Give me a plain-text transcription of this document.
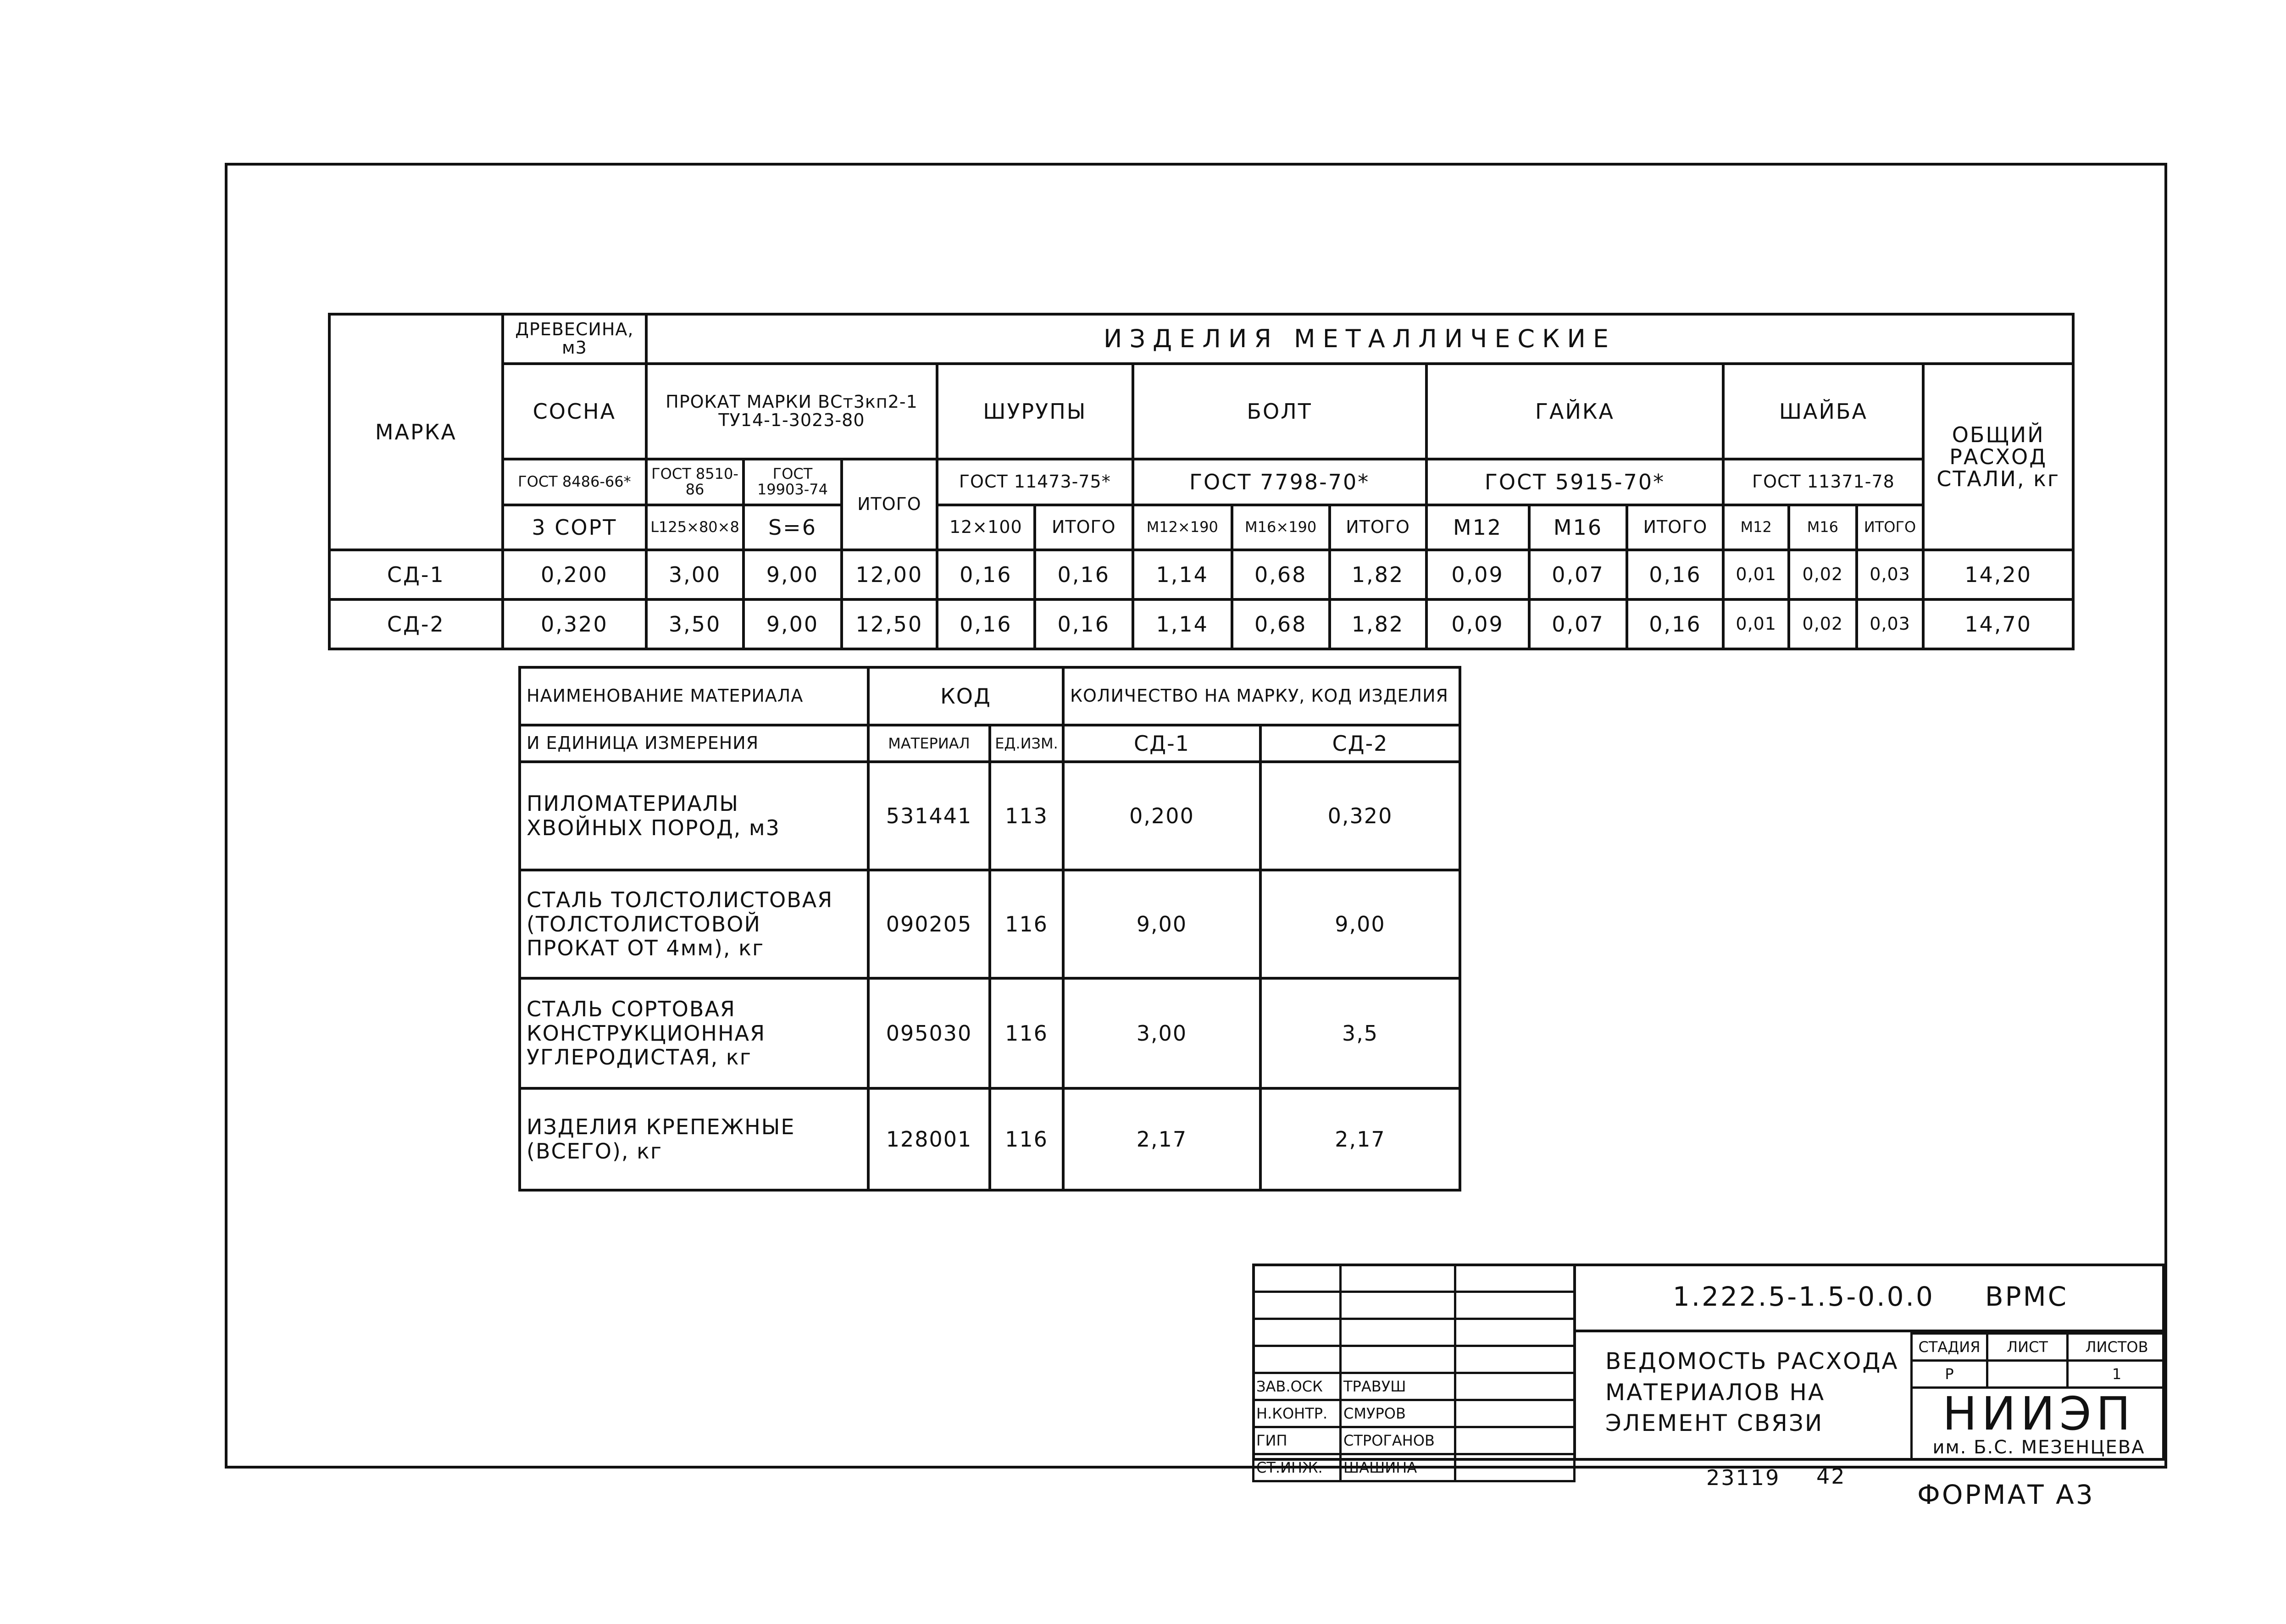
МАРКА	ДРЕВЕСИНА, м3	ИЗДЕЛИЯ МЕТАЛЛИЧЕСКИЕ														
	СОСНА	ПРОКАТ МАРКИ ВСт3кп2-1 ТУ14-1-3023-80			ШУРУПЫ		БОЛТ			ГАЙКА			ШАЙБА			ОБЩИЙ РАСХОД СТАЛИ, кг
	ГОСТ 8486-66*	ГОСТ 8510-86	ГОСТ 19903-74	ИТОГО	ГОСТ 11473-75*		ГОСТ 7798-70*			ГОСТ 5915-70*			ГОСТ 11371-78			
	3 СОРТ	L125×80×8	S=6		12×100	ИТОГО	М12×190	М16×190	ИТОГО	М12	М16	ИТОГО	М12	М16	ИТОГО	
СД-1	0,200	3,00	9,00	12,00	0,16	0,16	1,14	0,68	1,82	0,09	0,07	0,16	0,01	0,02	0,03	14,20
СД-2	0,320	3,50	9,00	12,50	0,16	0,16	1,14	0,68	1,82	0,09	0,07	0,16	0,01	0,02	0,03	14,70
НАИМЕНОВАНИЕ МАТЕРИАЛА	КОД		КОЛИЧЕСТВО НА МАРКУ, КОД ИЗДЕЛИЯ	
И ЕДИНИЦА ИЗМЕРЕНИЯ	МАТЕРИАЛ	ЕД.ИЗМ.	СД-1	СД-2
ПИЛОМАТЕРИАЛЫ ХВОЙНЫХ ПОРОД, м3	531441	113	0,200	0,320
СТАЛЬ ТОЛСТОЛИСТОВАЯ (ТОЛСТОЛИСТОВОЙ ПРОКАТ ОТ 4мм), кг	090205	116	9,00	9,00
СТАЛЬ СОРТОВАЯ КОНСТРУКЦИОННАЯ УГЛЕРОДИСТАЯ, кг	095030	116	3,00	3,5
ИЗДЕЛИЯ КРЕПЕЖНЫЕ (ВСЕГО), кг	128001	116	2,17	2,17

ЗАВ.ОСК	ТРАВУШ	
Н.КОНТР.	СМУРОВ	
ГИП	СТРОГАНОВ	
СТ.ИНЖ.	ШАШИНА	
1.222.5-1.5-0.0.0 ВРМС
ВЕДОМОСТЬ РАСХОДА МАТЕРИАЛОВ НА ЭЛЕМЕНТ СВЯЗИ
СТАДИЯ	ЛИСТ	ЛИСТОВ
Р		1
НИИЭП
им. Б.С. МЕЗЕНЦЕВА
23119 42
ФОРМАТ А3
